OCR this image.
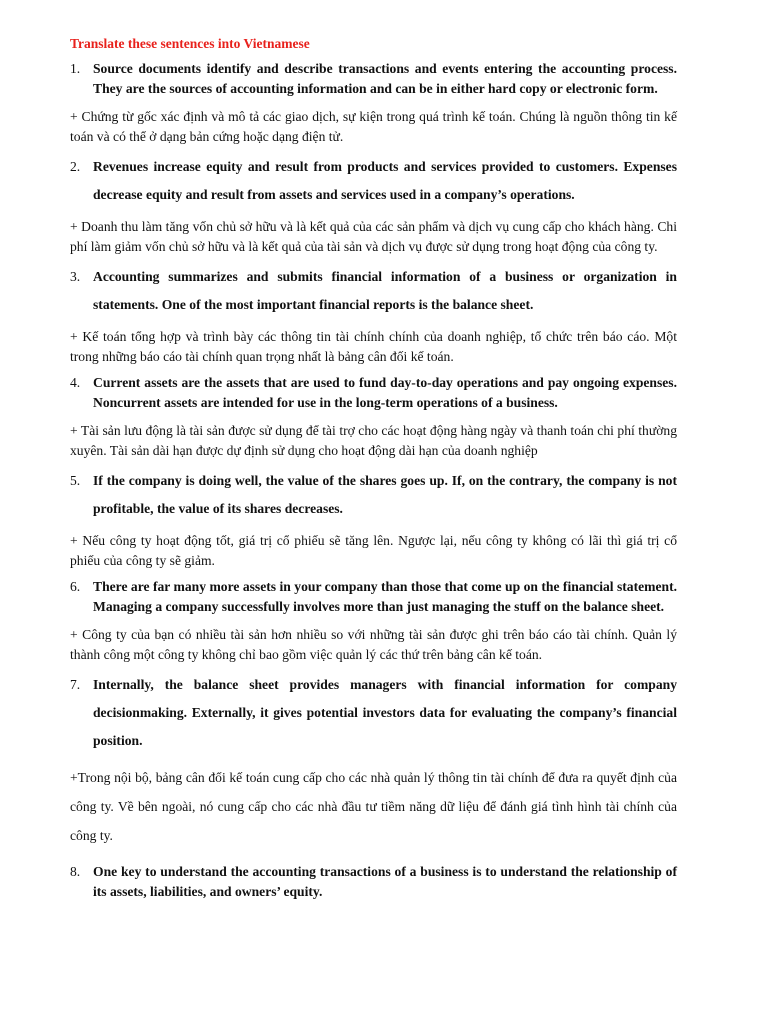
Translate these sentences into Vietnamese
1. Source documents identify and describe transactions and events entering the accounting process. They are the sources of accounting information and can be in either hard copy or electronic form.
+ Chứng từ gốc xác định và mô tả các giao dịch, sự kiện trong quá trình kế toán. Chúng là nguồn thông tin kế toán và có thể ở dạng bản cứng hoặc dạng điện tử.
2. Revenues increase equity and result from products and services provided to customers. Expenses decrease equity and result from assets and services used in a company’s operations.
+ Doanh thu làm tăng vốn chủ sở hữu và là kết quả của các sản phẩm và dịch vụ cung cấp cho khách hàng. Chi phí làm giảm vốn chủ sở hữu và là kết quả của tài sản và dịch vụ được sử dụng trong hoạt động của công ty.
3. Accounting summarizes and submits financial information of a business or organization in statements. One of the most important financial reports is the balance sheet.
+ Kế toán tổng hợp và trình bày các thông tin tài chính chính của doanh nghiệp, tổ chức trên báo cáo. Một trong những báo cáo tài chính quan trọng nhất là bảng cân đối kế toán.
4. Current assets are the assets that are used to fund day-to-day operations and pay ongoing expenses. Noncurrent assets are intended for use in the long-term operations of a business.
+ Tài sản lưu động là tài sản được sử dụng để tài trợ cho các hoạt động hàng ngày và thanh toán chi phí thường xuyên. Tài sản dài hạn được dự định sử dụng cho hoạt động dài hạn của doanh nghiệp
5. If the company is doing well, the value of the shares goes up. If, on the contrary, the company is not profitable, the value of its shares decreases.
+ Nếu công ty hoạt động tốt, giá trị cổ phiếu sẽ tăng lên. Ngược lại, nếu công ty không có lãi thì giá trị cổ phiếu của công ty sẽ giảm.
6. There are far many more assets in your company than those that come up on the financial statement. Managing a company successfully involves more than just managing the stuff on the balance sheet.
+ Công ty của bạn có nhiều tài sản hơn nhiều so với những tài sản được ghi trên báo cáo tài chính. Quản lý thành công một công ty không chỉ bao gồm việc quản lý các thứ trên bảng cân kế toán.
7. Internally, the balance sheet provides managers with financial information for company decisionmaking. Externally, it gives potential investors data for evaluating the company’s financial position.
+Trong nội bộ, bảng cân đối kế toán cung cấp cho các nhà quản lý thông tin tài chính để đưa ra quyết định của công ty. Về bên ngoài, nó cung cấp cho các nhà đầu tư tiềm năng dữ liệu để đánh giá tình hình tài chính của công ty.
8. One key to understand the accounting transactions of a business is to understand the relationship of its assets, liabilities, and owners’ equity.
